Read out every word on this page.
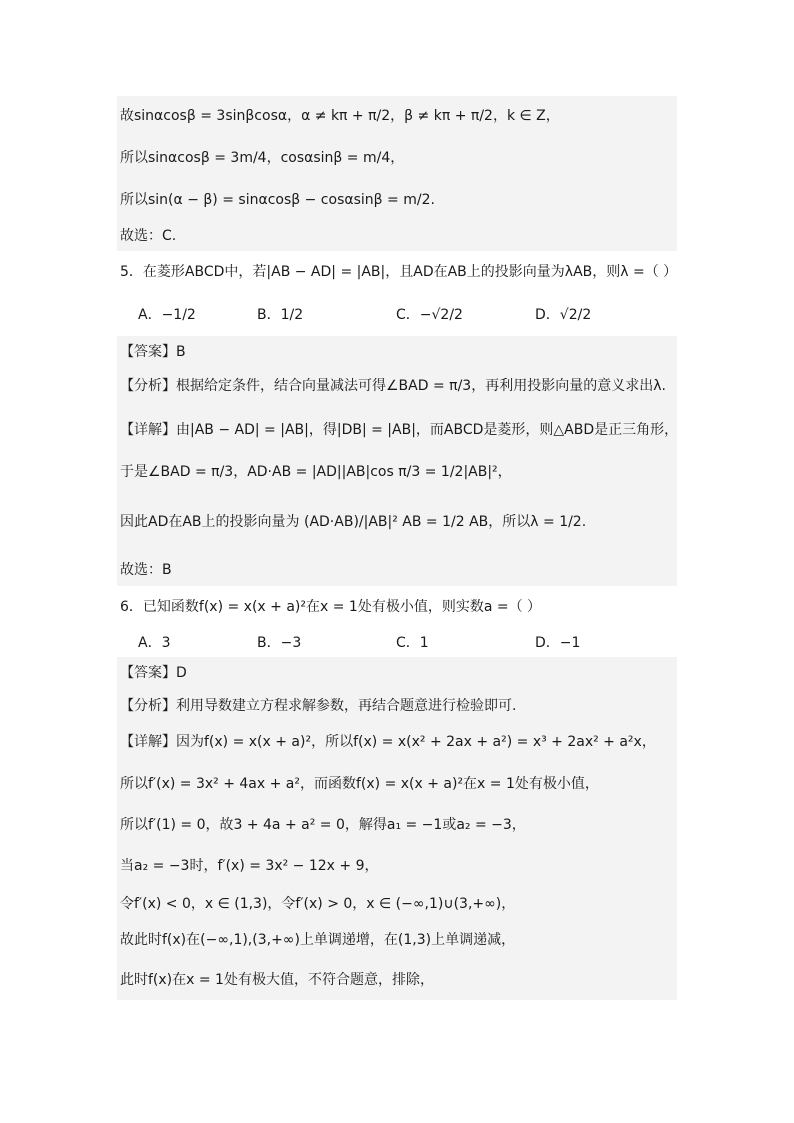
故sinαcosβ = 3sinβcosα，α ≠ kπ + π/2，β ≠ kπ + π/2，k ∈ Z，
所以sinαcosβ = 3m/4，cosαsinβ = m/4，
所以sin(α − β) = sinαcosβ − cosαsinβ = m/2.
故选：C.
5．在菱形ABCD中，若|AB − AD| = |AB|，且AD在AB上的投影向量为λAB，则λ =（ ）
A．−1/2	B．1/2	C．−√2/2	D．√2/2
【答案】B
【分析】根据给定条件，结合向量减法可得∠BAD = π/3，再利用投影向量的意义求出λ.
【详解】由|AB − AD| = |AB|，得|DB| = |AB|，而ABCD是菱形，则△ABD是正三角形，
于是∠BAD = π/3，AD·AB = |AD||AB|cos π/3 = 1/2|AB|²，
因此AD在AB上的投影向量为 (AD·AB)/|AB|² AB = 1/2 AB，所以λ = 1/2.
故选：B
6．已知函数f(x) = x(x + a)²在x = 1处有极小值，则实数a =（ ）
A．3	B．−3	C．1	D．−1
【答案】D
【分析】利用导数建立方程求解参数，再结合题意进行检验即可.
【详解】因为f(x) = x(x + a)²，所以f(x) = x(x² + 2ax + a²) = x³ + 2ax² + a²x，
所以f′(x) = 3x² + 4ax + a²，而函数f(x) = x(x + a)²在x = 1处有极小值，
所以f′(1) = 0，故3 + 4a + a² = 0，解得a₁ = −1或a₂ = −3，
当a₂ = −3时，f′(x) = 3x² − 12x + 9，
令f′(x) < 0，x ∈ (1,3)，令f′(x) > 0，x ∈ (−∞,1)∪(3,+∞)，
故此时f(x)在(−∞,1),(3,+∞)上单调递增，在(1,3)上单调递减，
此时f(x)在x = 1处有极大值，不符合题意，排除，
